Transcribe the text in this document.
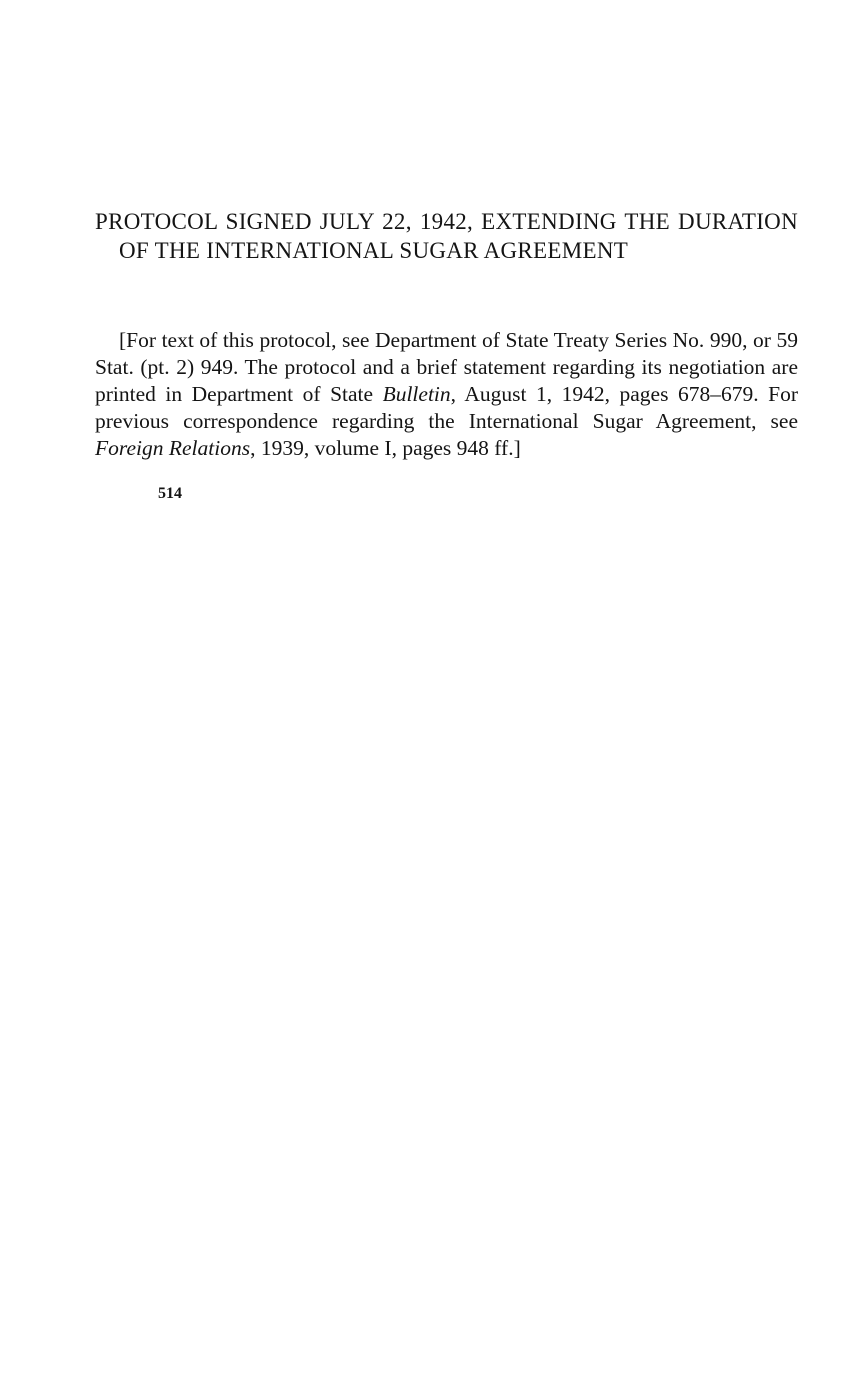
PROTOCOL SIGNED JULY 22, 1942, EXTENDING THE DURATION OF THE INTERNATIONAL SUGAR AGREEMENT

[For text of this protocol, see Department of State Treaty Series No. 990, or 59 Stat. (pt. 2) 949. The protocol and a brief statement regarding its negotiation are printed in Department of State Bulletin, August 1, 1942, pages 678–679. For previous correspondence regarding the International Sugar Agreement, see Foreign Relations, 1939, volume I, pages 948 ff.]

514
